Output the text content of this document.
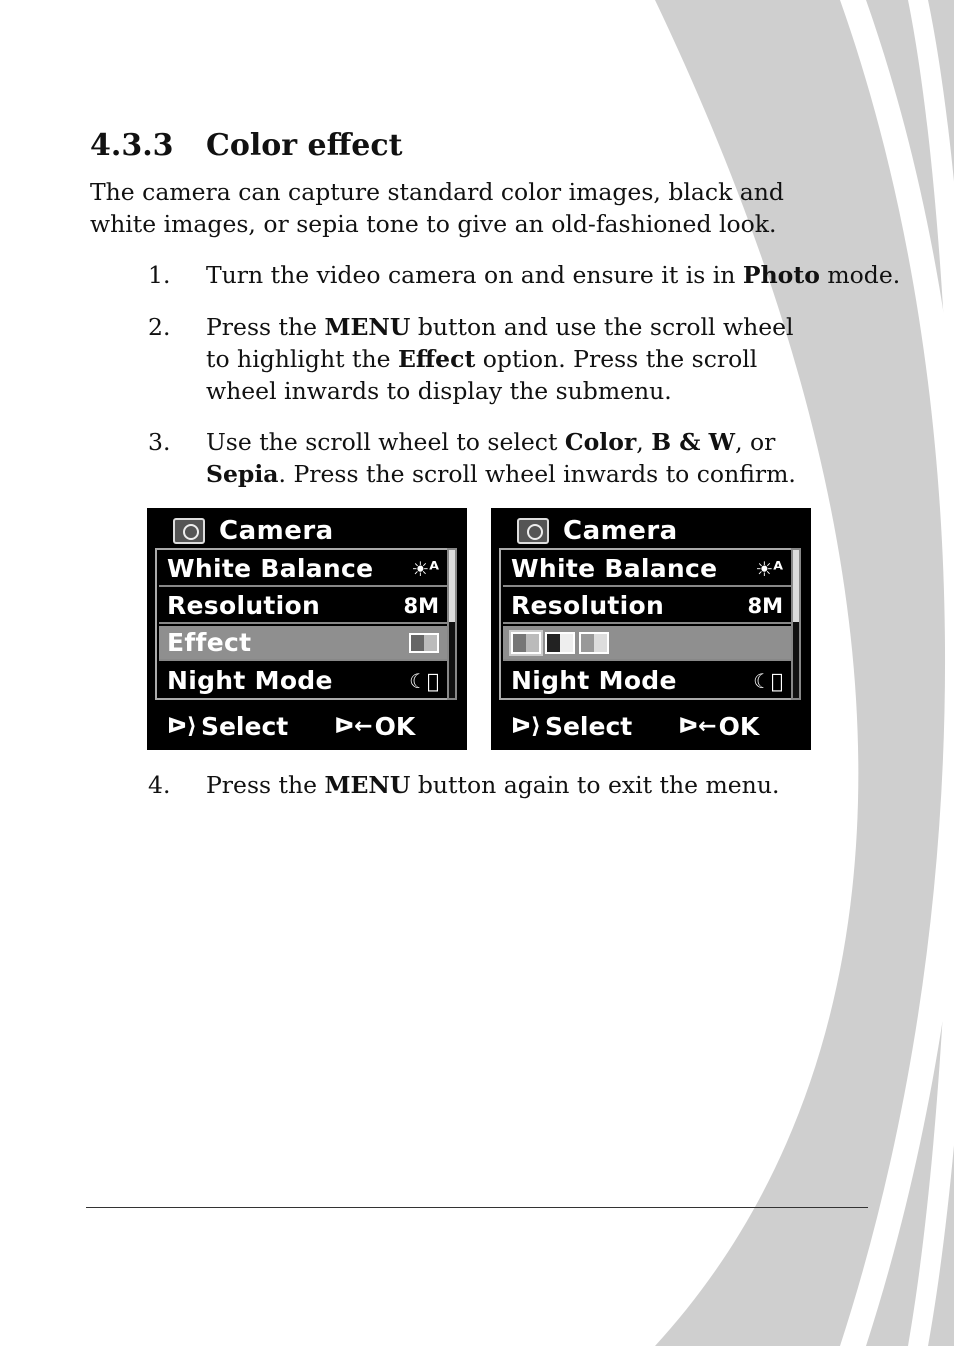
4.3.3 Color effect
The camera can capture standard color images, black and white images, or sepia tone to give an old-fashioned look.
1.	Turn the video camera on and ensure it is in Photo mode.
2.	Press the MENU button and use the scroll wheel to highlight the Effect option. Press the scroll wheel inwards to display the submenu.
3.	Use the scroll wheel to select Color, B & W, or Sepia. Press the scroll wheel inwards to confirm.
Camera
White Balance	☀ᴬ
Resolution	8M
Effect
Night Mode	☾⃠
ᐅ⟩ Select ᐅ← OK
Camera
White Balance	☀ᴬ
Resolution	8M
Night Mode	☾⃠
ᐅ⟩ Select ᐅ← OK
4.	Press the MENU button again to exit the menu.
